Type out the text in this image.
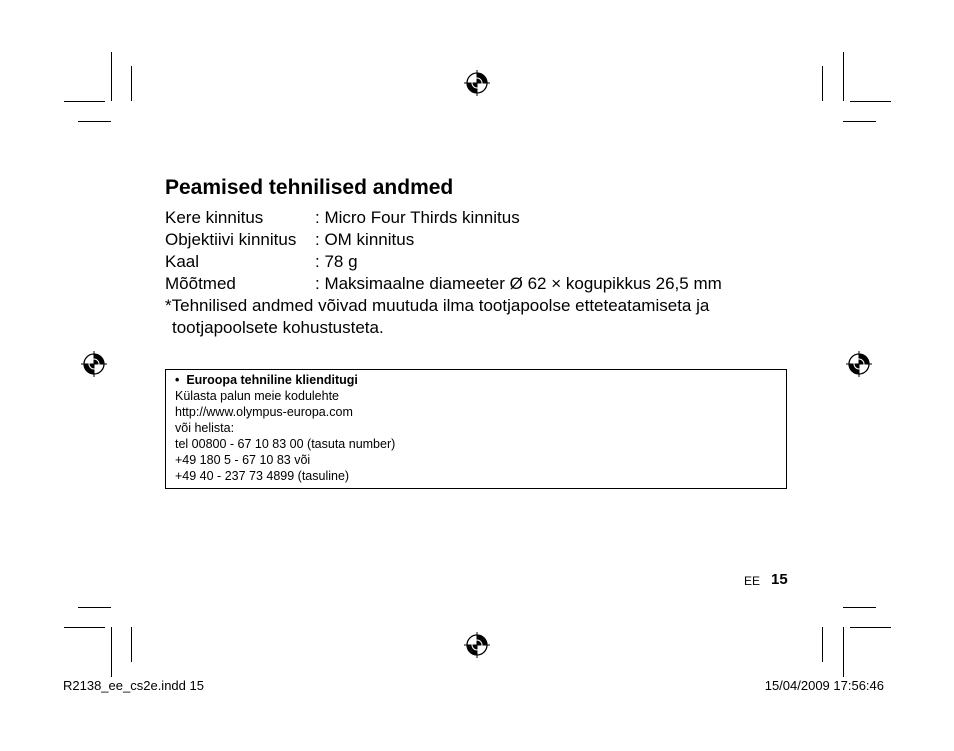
Peamised tehnilised andmed
Kere kinnitus	: Micro Four Thirds kinnitus
Objektiivi kinnitus : OM kinnitus
Kaal	: 78 g
Mõõtmed	: Maksimaalne diameeter Ø 62 × kogupikkus 26,5 mm
*Tehnilised andmed võivad muutuda ilma tootjapoolse etteteatamiseta ja
tootjapoolsete kohustusteta.
•  Euroopa tehniline klienditugi
Külasta palun meie kodulehte
http://www.olympus-europa.com
või helista:
tel 00800 - 67 10 83 00 (tasuta number)
+49 180 5 - 67 10 83 või
+49 40 - 237 73 4899 (tasuline)
EE 15
R2138_ee_cs2e.indd 15	15/04/2009 17:56:46
